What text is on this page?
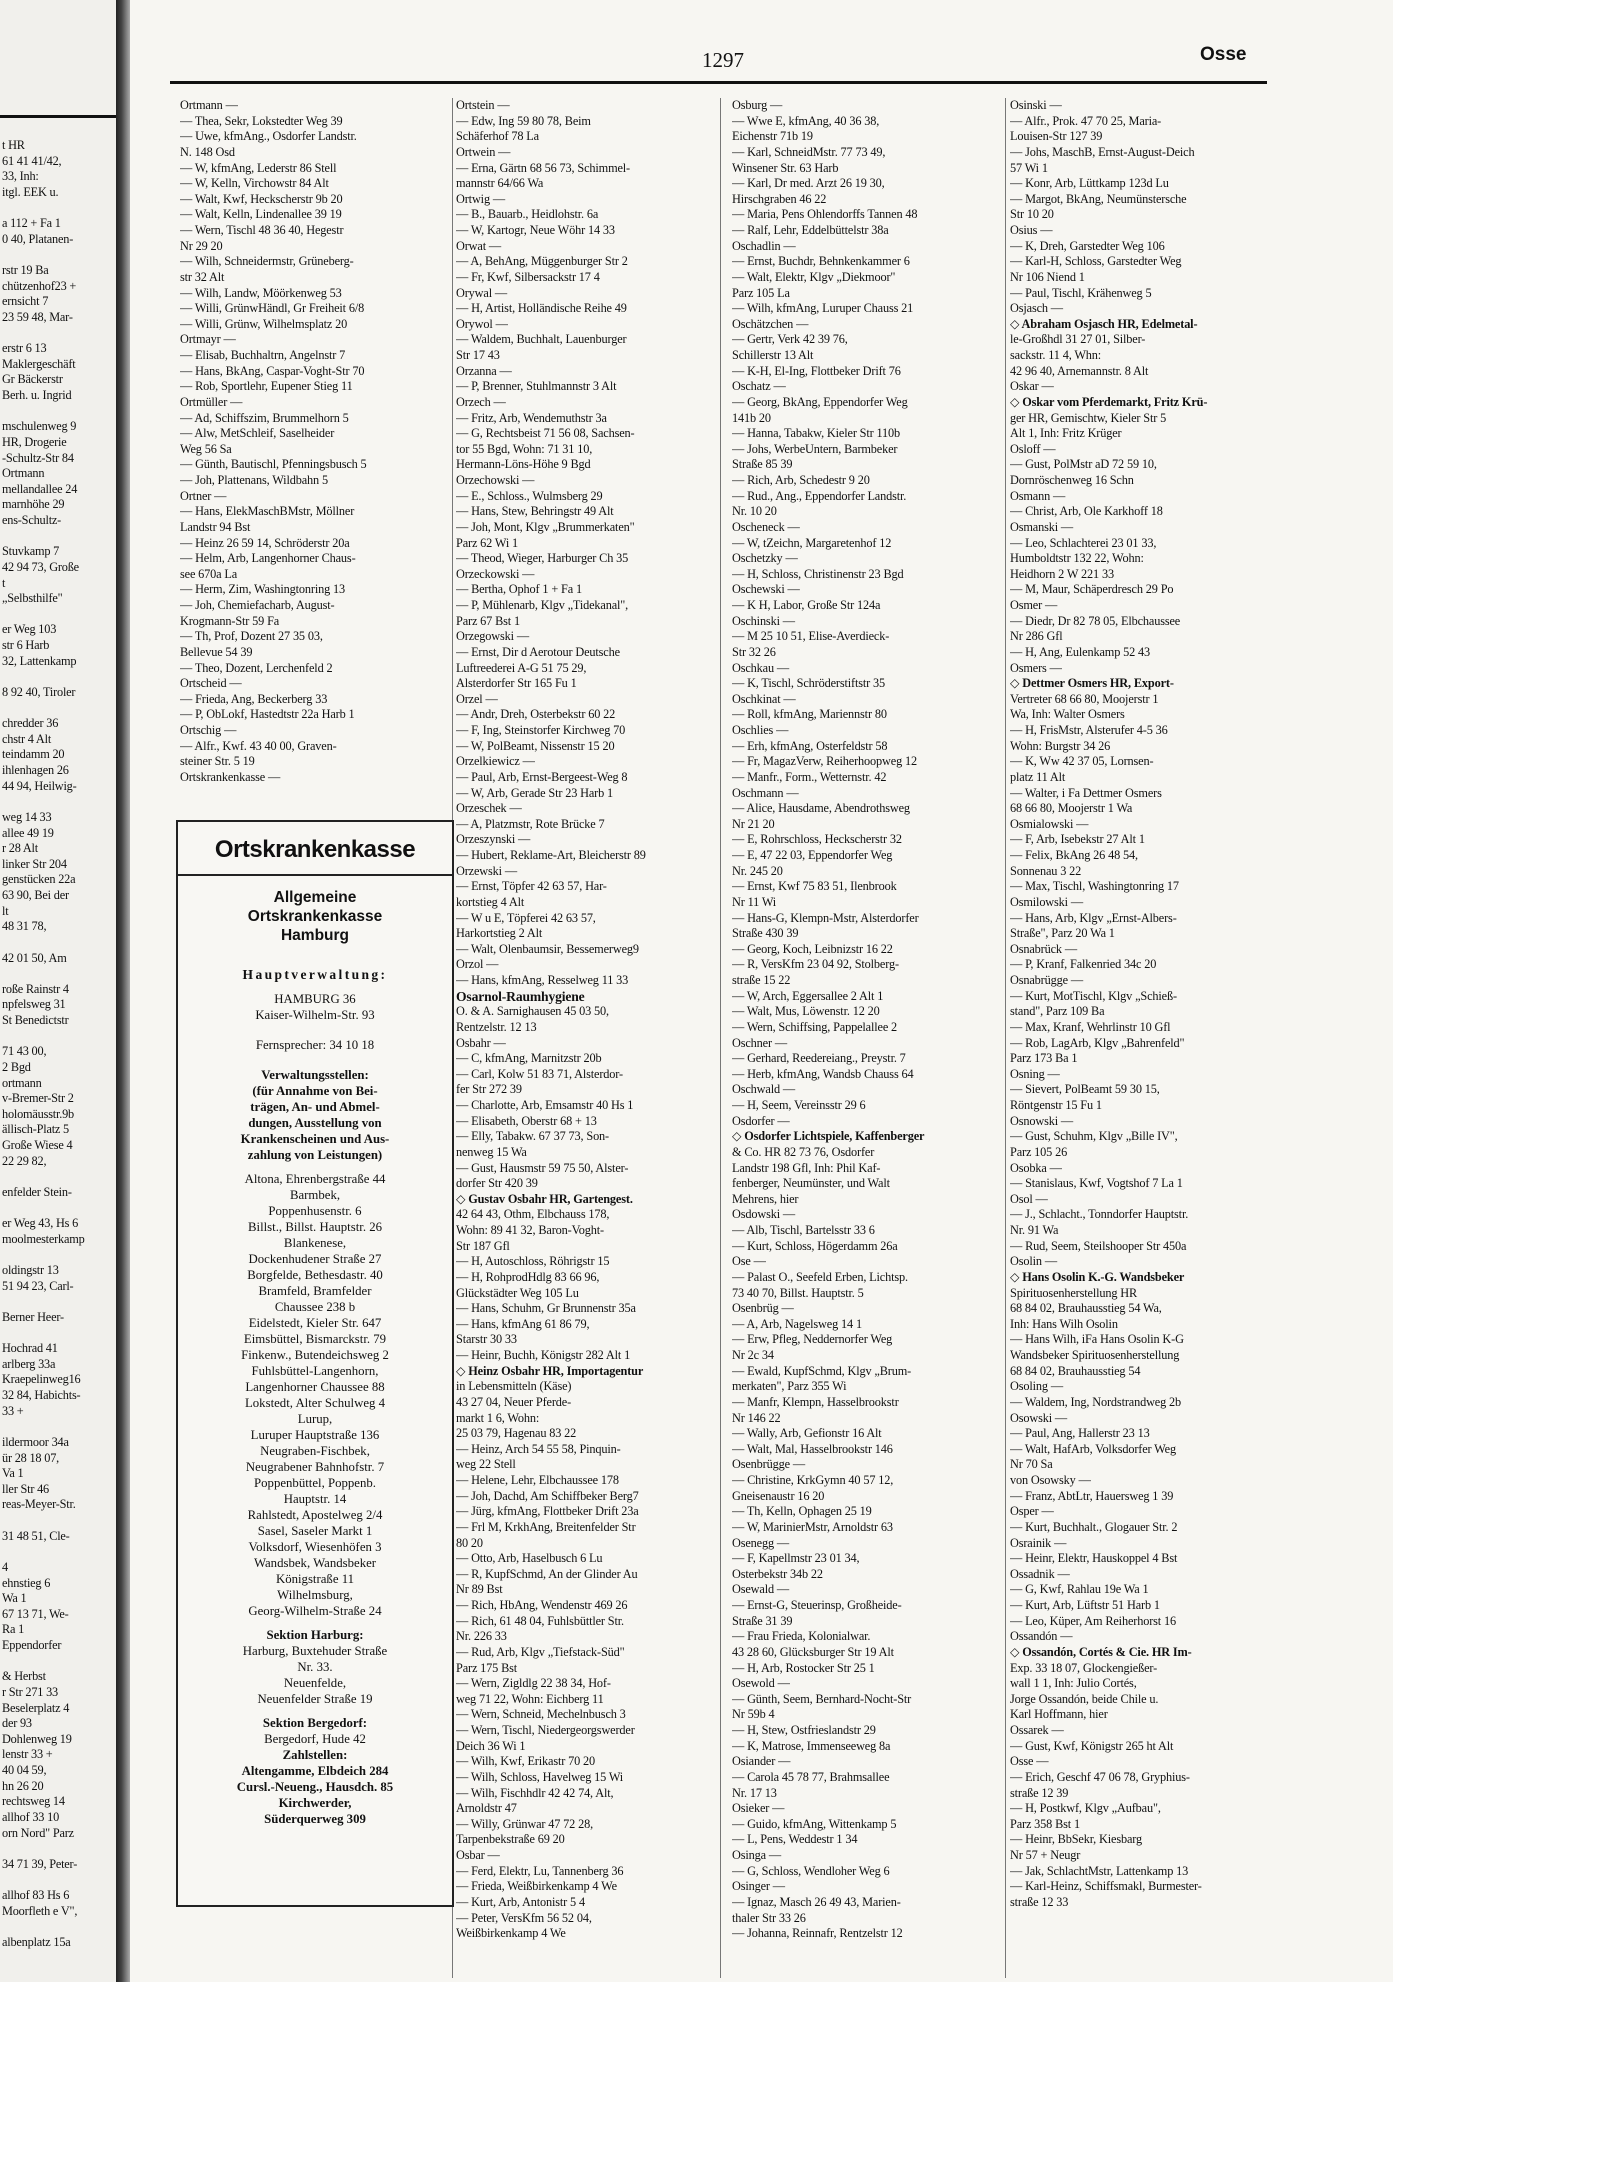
t HR
61 41 41/42,
33, Inh:
itgl. EEK u.

a 112 + Fa 1
0 40, Platanen-

rstr 19 Ba
chützenhof23 +
ernsicht 7
23 59 48, Mar-

erstr 6 13
Maklergeschäft
Gr Bäckerstr
Berh. u. Ingrid

mschulenweg 9
HR, Drogerie
-Schultz-Str 84
Ortmann
mellandallee 24
marnhöhe 29
ens-Schultz-

Stuvkamp 7
42 94 73, Große
t
„Selbsthilfe"

er Weg 103
str 6 Harb
32, Lattenkamp

8 92 40, Tiroler

chredder 36
chstr 4 Alt
teindamm 20
ihlenhagen 26
44 94, Heilwig-

weg 14 33
allee 49 19
r 28 Alt
linker Str 204
genstücken 22a
63 90, Bei der
lt
48 31 78,

42 01 50, Am

roße Rainstr 4
npfelsweg 31
St Benedictstr

71 43 00,
2 Bgd
ortmann
v-Bremer-Str 2
holomäusstr.9b
ällisch-Platz 5
Große Wiese 4
22 29 82,

enfelder Stein-

er Weg 43, Hs 6
moolmesterkamp

oldingstr 13
51 94 23, Carl-

Berner Heer-

Hochrad 41
arlberg 33a
Kraepelinweg16
32 84, Habichts-
33 +

ildermoor 34a
ür 28 18 07,
Va 1
ller Str 46
reas-Meyer-Str.

31 48 51, Cle-

4
ehnstieg 6
Wa 1
67 13 71, We-
Ra 1
Eppendorfer

& Herbst
r Str 271 33
Beselerplatz 4
der 93
Dohlenweg 19
lenstr 33 +
40 04 59,
hn 26 20
rechtsweg 14
allhof 33 10
orn Nord" Parz

34 71 39, Peter-

allhof 83 Hs 6
Moorfleth e V",

albenplatz 15a
1297	Osse
Ortmann —
— Thea, Sekr, Lokstedter Weg 39
— Uwe, kfmAng., Osdorfer Landstr.
N. 148 Osd
— W, kfmAng, Lederstr 86 Stell
— W, Kelln, Virchowstr 84 Alt
— Walt, Kwf, Heckscherstr 9b 20
— Walt, Kelln, Lindenallee 39 19
— Wern, Tischl 48 36 40, Hegestr
Nr 29 20
— Wilh, Schneidermstr, Grüneberg-
str 32 Alt
— Wilh, Landw, Möörkenweg 53
— Willi, GrünwHändl, Gr Freiheit 6/8
— Willi, Grünw, Wilhelmsplatz 20
Ortmayr —
— Elisab, Buchhaltrn, Angelnstr 7
— Hans, BkAng, Caspar-Voght-Str 70
— Rob, Sportlehr, Eupener Stieg 11
Ortmüller —
— Ad, Schiffszim, Brummelhorn 5
— Alw, MetSchleif, Saselheider
Weg 56 Sa
— Günth, Bautischl, Pfenningsbusch 5
— Joh, Plattenans, Wildbahn 5
Ortner —
— Hans, ElekMaschBMstr, Möllner
Landstr 94 Bst
— Heinz 26 59 14, Schröderstr 20a
— Helm, Arb, Langenhorner Chaus-
see 670a La
— Herm, Zim, Washingtonring 13
— Joh, Chemiefacharb, August-
Krogmann-Str 59 Fa
— Th, Prof, Dozent 27 35 03,
Bellevue 54 39
— Theo, Dozent, Lerchenfeld 2
Ortscheid —
— Frieda, Ang, Beckerberg 33
— P, ObLokf, Hastedtstr 22a Harb 1
Ortschig —
— Alfr., Kwf. 43 40 00, Graven-
steiner Str. 5 19
Ortskrankenkasse —
Ortstein —
— Edw, Ing 59 80 78, Beim
Schäferhof 78 La
Ortwein —
— Erna, Gärtn 68 56 73, Schimmel-
mannstr 64/66 Wa
Ortwig —
— B., Bauarb., Heidlohstr. 6a
— W, Kartogr, Neue Wöhr 14 33
Orwat —
— A, BehAng, Müggenburger Str 2
— Fr, Kwf, Silbersackstr 17 4
Orywal —
— H, Artist, Holländische Reihe 49
Orywol —
— Waldem, Buchhalt, Lauenburger
Str 17 43
Orzanna —
— P, Brenner, Stuhlmannstr 3 Alt
Orzech —
— Fritz, Arb, Wendemuthstr 3a
— G, Rechtsbeist 71 56 08, Sachsen-
tor 55 Bgd, Wohn: 71 31 10,
Hermann-Löns-Höhe 9 Bgd
Orzechowski —
— E., Schloss., Wulmsberg 29
— Hans, Stew, Behringstr 49 Alt
— Joh, Mont, Klgv „Brummerkaten"
Parz 62 Wi 1
— Theod, Wieger, Harburger Ch 35
Orzeckowski —
— Bertha, Ophof 1 + Fa 1
— P, Mühlenarb, Klgv „Tidekanal",
Parz 67 Bst 1
Orzegowski —
— Ernst, Dir d Aerotour Deutsche
Luftreederei A-G 51 75 29,
Alsterdorfer Str 165 Fu 1
Orzel —
— Andr, Dreh, Osterbekstr 60 22
— F, Ing, Steinstorfer Kirchweg 70
— W, PolBeamt, Nissenstr 15 20
Orzelkiewicz —
— Paul, Arb, Ernst-Bergeest-Weg 8
— W, Arb, Gerade Str 23 Harb 1
Orzeschek —
— A, Platzmstr, Rote Brücke 7
Orzeszynski —
— Hubert, Reklame-Art, Bleicherstr 89
Orzewski —
— Ernst, Töpfer 42 63 57, Har-
kortstieg 4 Alt
— W u E, Töpferei 42 63 57,
Harkortstieg 2 Alt
— Walt, Olenbaumsir, Bessemerweg9
Orzol —
— Hans, kfmAng, Resselweg 11 33
Osarnol-Raumhygiene
O. & A. Sarnighausen 45 03 50,
Rentzelstr. 12 13
Osbahr —
— C, kfmAng, Marnitzstr 20b
— Carl, Kolw 51 83 71, Alsterdor-
fer Str 272 39
— Charlotte, Arb, Emsamstr 40 Hs 1
— Elisabeth, Oberstr 68 + 13
— Elly, Tabakw. 67 37 73, Son-
nenweg 15 Wa
— Gust, Hausmstr 59 75 50, Alster-
dorfer Str 420 39
◇ Gustav Osbahr HR, Gartengest.
42 64 43, Othm, Elbchauss 178,
Wohn: 89 41 32, Baron-Voght-
Str 187 Gfl
— H, Autoschloss, Röhrigstr 15
— H, RohprodHdlg 83 66 96,
Glückstädter Weg 105 Lu
— Hans, Schuhm, Gr Brunnenstr 35a
— Hans, kfmAng 61 86 79,
Starstr 30 33
— Heinr, Buchh, Königstr 282 Alt 1
◇ Heinz Osbahr HR, Importagentur
in Lebensmitteln (Käse)
43 27 04, Neuer Pferde-
markt 1 6, Wohn:
25 03 79, Hagenau 83 22
— Heinz, Arch 54 55 58, Pinquin-
weg 22 Stell
— Helene, Lehr, Elbchaussee 178
— Joh, Dachd, Am Schiffbeker Berg7
— Jürg, kfmAng, Flottbeker Drift 23a
— Frl M, KrkhAng, Breitenfelder Str
80 20
— Otto, Arb, Haselbusch 6 Lu
— R, KupfSchmd, An der Glinder Au
Nr 89 Bst
— Rich, HbAng, Wendenstr 469 26
— Rich, 61 48 04, Fuhlsbüttler Str.
Nr. 226 33
— Rud, Arb, Klgv „Tiefstack-Süd"
Parz 175 Bst
— Wern, Zigldlg 22 38 34, Hof-
weg 71 22, Wohn: Eichberg 11
— Wern, Schneid, Mechelnbusch 3
— Wern, Tischl, Niedergeorgswerder
Deich 36 Wi 1
— Wilh, Kwf, Erikastr 70 20
— Wilh, Schloss, Havelweg 15 Wi
— Wilh, Fischhdlr 42 42 74, Alt,
Arnoldstr 47
— Willy, Grünwar 47 72 28,
Tarpenbekstraße 69 20
Osbar —
— Ferd, Elektr, Lu, Tannenberg 36
— Frieda, Weißbirkenkamp 4 We
— Kurt, Arb, Antonistr 5 4
— Peter, VersKfm 56 52 04,
Weißbirkenkamp 4 We
Osburg —
— Wwe E, kfmAng, 40 36 38,
Eichenstr 71b 19
— Karl, SchneidMstr. 77 73 49,
Winsener Str. 63 Harb
— Karl, Dr med. Arzt 26 19 30,
Hirschgraben 46 22
— Maria, Pens Ohlendorffs Tannen 48
— Ralf, Lehr, Eddelbüttelstr 38a
Oschadlin —
— Ernst, Buchdr, Behnkenkammer 6
— Walt, Elektr, Klgv „Diekmoor"
Parz 105 La
— Wilh, kfmAng, Luruper Chauss 21
Oschätzchen —
— Gertr, Verk 42 39 76,
Schillerstr 13 Alt
— K-H, El-Ing, Flottbeker Drift 76
Oschatz —
— Georg, BkAng, Eppendorfer Weg
141b 20
— Hanna, Tabakw, Kieler Str 110b
— Johs, WerbeUntern, Barmbeker
Straße 85 39
— Rich, Arb, Schedestr 9 20
— Rud., Ang., Eppendorfer Landstr.
Nr. 10 20
Oscheneck —
— W, tZeichn, Margaretenhof 12
Oschetzky —
— H, Schloss, Christinenstr 23 Bgd
Oschewski —
— K H, Labor, Große Str 124a
Oschinski —
— M 25 10 51, Elise-Averdieck-
Str 32 26
Oschkau —
— K, Tischl, Schröderstiftstr 35
Oschkinat —
— Roll, kfmAng, Mariennstr 80
Oschlies —
— Erh, kfmAng, Osterfeldstr 58
— Fr, MagazVerw, Reiherhoopweg 12
— Manfr., Form., Wetternstr. 42
Oschmann —
— Alice, Hausdame, Abendrothsweg
Nr 21 20
— E, Rohrschloss, Heckscherstr 32
— E, 47 22 03, Eppendorfer Weg
Nr. 245 20
— Ernst, Kwf 75 83 51, Ilenbrook
Nr 11 Wi
— Hans-G, Klempn-Mstr, Alsterdorfer
Straße 430 39
— Georg, Koch, Leibnizstr 16 22
— R, VersKfm 23 04 92, Stolberg-
straße 15 22
— W, Arch, Eggersallee 2 Alt 1
— Walt, Mus, Löwenstr. 12 20
— Wern, Schiffsing, Pappelallee 2
Oschner —
— Gerhard, Reedereiang., Preystr. 7
— Herb, kfmAng, Wandsb Chauss 64
Oschwald —
— H, Seem, Vereinsstr 29 6
Osdorfer —
◇ Osdorfer Lichtspiele, Kaffenberger
& Co. HR 82 73 76, Osdorfer
Landstr 198 Gfl, Inh: Phil Kaf-
fenberger, Neumünster, und Walt
Mehrens, hier
Osdowski —
— Alb, Tischl, Bartelsstr 33 6
— Kurt, Schloss, Högerdamm 26a
Ose —
— Palast O., Seefeld Erben, Lichtsp.
73 40 70, Billst. Hauptstr. 5
Osenbrüg —
— A, Arb, Nagelsweg 14 1
— Erw, Pfleg, Neddernorfer Weg
Nr 2c 34
— Ewald, KupfSchmd, Klgv „Brum-
merkaten", Parz 355 Wi
— Manfr, Klempn, Hasselbrookstr
Nr 146 22
— Wally, Arb, Gefionstr 16 Alt
— Walt, Mal, Hasselbrookstr 146
Osenbrügge —
— Christine, KrkGymn 40 57 12,
Gneisenaustr 16 20
— Th, Kelln, Ophagen 25 19
— W, MarinierMstr, Arnoldstr 63
Osenegg —
— F, Kapellmstr 23 01 34,
Osterbekstr 34b 22
Osewald —
— Ernst-G, Steuerinsp, Großheide-
Straße 31 39
— Frau Frieda, Kolonialwar.
43 28 60, Glücksburger Str 19 Alt
— H, Arb, Rostocker Str 25 1
Osewold —
— Günth, Seem, Bernhard-Nocht-Str
Nr 59b 4
— H, Stew, Ostfrieslandstr 29
— K, Matrose, Immenseeweg 8a
Osiander —
— Carola 45 78 77, Brahmsallee
Nr. 17 13
Osieker —
— Guido, kfmAng, Wittenkamp 5
— L, Pens, Weddestr 1 34
Osinga —
— G, Schloss, Wendloher Weg 6
Osinger —
— Ignaz, Masch 26 49 43, Marien-
thaler Str 33 26
— Johanna, Reinnafr, Rentzelstr 12
Osinski —
— Alfr., Prok. 47 70 25, Maria-
Louisen-Str 127 39
— Johs, MaschB, Ernst-August-Deich
57 Wi 1
— Konr, Arb, Lüttkamp 123d Lu
— Margot, BkAng, Neumünstersche
Str 10 20
Osius —
— K, Dreh, Garstedter Weg 106
— Karl-H, Schloss, Garstedter Weg
Nr 106 Niend 1
— Paul, Tischl, Krähenweg 5
Osjasch —
◇ Abraham Osjasch HR, Edelmetal-
le-Großhdl 31 27 01, Silber-
sackstr. 11 4, Whn:
42 96 40, Arnemannstr. 8 Alt
Oskar —
◇ Oskar vom Pferdemarkt, Fritz Krü-
ger HR, Gemischtw, Kieler Str 5
Alt 1, Inh: Fritz Krüger
Osloff —
— Gust, PolMstr aD 72 59 10,
Dornröschenweg 16 Schn
Osmann —
— Christ, Arb, Ole Karkhoff 18
Osmanski —
— Leo, Schlachterei 23 01 33,
Humboldtstr 132 22, Wohn:
Heidhorn 2 W 221 33
— M, Maur, Schäperdresch 29 Po
Osmer —
— Diedr, Dr 82 78 05, Elbchaussee
Nr 286 Gfl
— H, Ang, Eulenkamp 52 43
Osmers —
◇ Dettmer Osmers HR, Export-
Vertreter 68 66 80, Moojerstr 1
Wa, Inh: Walter Osmers
— H, FrisMstr, Alsterufer 4-5 36
Wohn: Burgstr 34 26
— K, Ww 42 37 05, Lornsen-
platz 11 Alt
— Walter, i Fa Dettmer Osmers
68 66 80, Moojerstr 1 Wa
Osmialowski —
— F, Arb, Isebekstr 27 Alt 1
— Felix, BkAng 26 48 54,
Sonnenau 3 22
— Max, Tischl, Washingtonring 17
Osmilowski —
— Hans, Arb, Klgv „Ernst-Albers-
Straße", Parz 20 Wa 1
Osnabrück —
— P, Kranf, Falkenried 34c 20
Osnabrügge —
— Kurt, MotTischl, Klgv „Schieß-
stand", Parz 109 Ba
— Max, Kranf, Wehrlinstr 10 Gfl
— Rob, LagArb, Klgv „Bahrenfeld"
Parz 173 Ba 1
Osning —
— Sievert, PolBeamt 59 30 15,
Röntgenstr 15 Fu 1
Osnowski —
— Gust, Schuhm, Klgv „Bille IV",
Parz 105 26
Osobka —
— Stanislaus, Kwf, Vogtshof 7 La 1
Osol —
— J., Schlacht., Tonndorfer Hauptstr.
Nr. 91 Wa
— Rud, Seem, Steilshooper Str 450a
Osolin —
◇ Hans Osolin K.-G. Wandsbeker
Spirituosenherstellung HR
68 84 02, Brauhausstieg 54 Wa,
Inh: Hans Wilh Osolin
— Hans Wilh, iFa Hans Osolin K-G
Wandsbeker Spirituosenherstellung
68 84 02, Brauhausstieg 54
Osoling —
— Waldem, Ing, Nordstrandweg 2b
Osowski —
— Paul, Ang, Hallerstr 23 13
— Walt, HafArb, Volksdorfer Weg
Nr 70 Sa
von Osowsky —
— Franz, AbtLtr, Hauersweg 1 39
Osper —
— Kurt, Buchhalt., Glogauer Str. 2
Osrainik —
— Heinr, Elektr, Hauskoppel 4 Bst
Ossadnik —
— G, Kwf, Rahlau 19e Wa 1
— Kurt, Arb, Lüftstr 51 Harb 1
— Leo, Küper, Am Reiherhorst 16
Ossandón —
◇ Ossandón, Cortés & Cie. HR Im-
Exp. 33 18 07, Glockengießer-
wall 1 1, Inh: Julio Cortés,
Jorge Ossandón, beide Chile u.
Karl Hoffmann, hier
Ossarek —
— Gust, Kwf, Königstr 265 ht Alt
Osse —
— Erich, Geschf 47 06 78, Gryphius-
straße 12 39
— H, Postkwf, Klgv „Aufbau",
Parz 358 Bst 1
— Heinr, BbSekr, Kiesbarg
Nr 57 + Neugr
— Jak, SchlachtMstr, Lattenkamp 13
— Karl-Heinz, Schiffsmakl, Burmester-
straße 12 33
Ortskrankenkasse
Allgemeine
Ortskrankenkasse
Hamburg
Hauptverwaltung:
HAMBURG 36
Kaiser-Wilhelm-Str. 93
Fernsprecher: 34 10 18
Verwaltungsstellen:
(für Annahme von Bei-
trägen, An- und Abmel-
dungen, Ausstellung von
Krankenscheinen und Aus-
zahlung von Leistungen)
Altona, Ehrenbergstraße 44
Barmbek,
Poppenhusenstr. 6
Billst., Billst. Hauptstr. 26
Blankenese,
Dockenhudener Straße 27
Borgfelde, Bethesdastr. 40
Bramfeld, Bramfelder
Chaussee 238 b
Eidelstedt, Kieler Str. 647
Eimsbüttel, Bismarckstr. 79
Finkenw., Butendeichsweg 2
Fuhlsbüttel-Langenhorn,
Langenhorner Chaussee 88
Lokstedt, Alter Schulweg 4
Lurup,
Luruper Hauptstraße 136
Neugraben-Fischbek,
Neugrabener Bahnhofstr. 7
Poppenbüttel, Poppenb.
Hauptstr. 14
Rahlstedt, Apostelweg 2/4
Sasel, Saseler Markt 1
Volksdorf, Wiesenhöfen 3
Wandsbek, Wandsbeker
Königstraße 11
Wilhelmsburg,
Georg-Wilhelm-Straße 24
Sektion Harburg:
Harburg, Buxtehuder Straße
Nr. 33.
Neuenfelde,
Neuenfelder Straße 19
Sektion Bergedorf:
Bergedorf, Hude 42
Zahlstellen:
Altengamme, Elbdeich 284
Cursl.-Neueng., Hausdch. 85
Kirchwerder,
Süderquerweg 309
